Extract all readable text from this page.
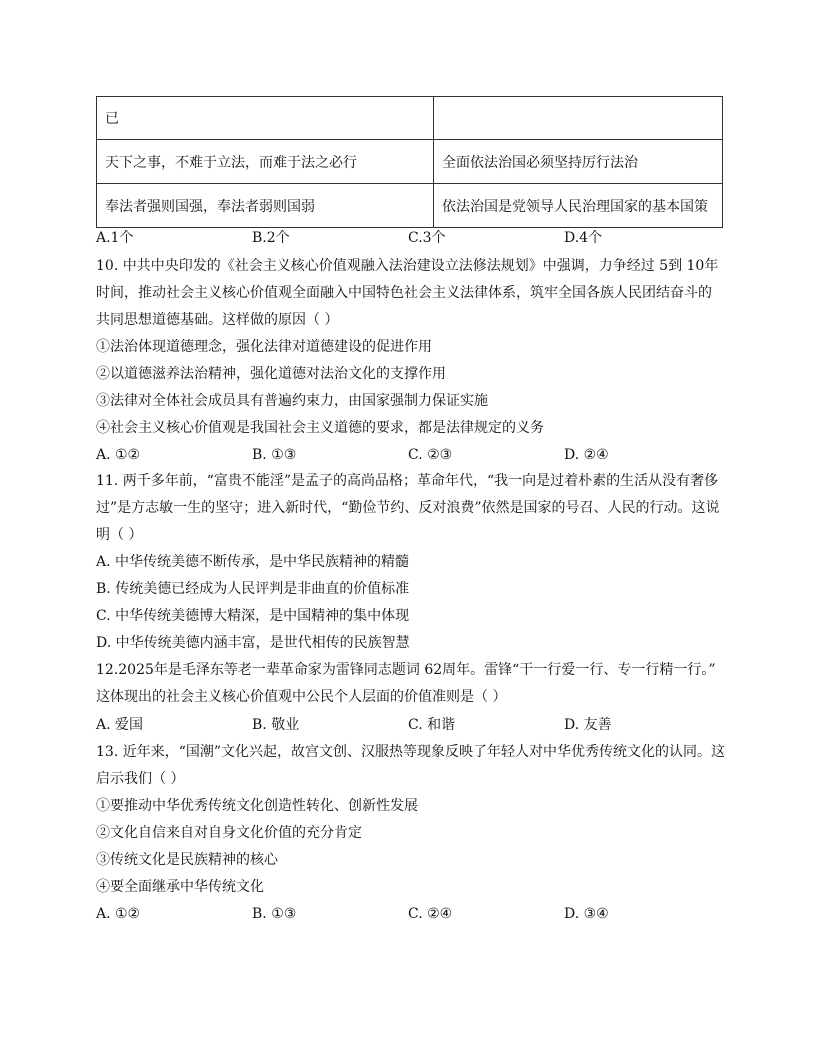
已	
天下之事，不难于立法，而难于法之必行	全面依法治国必须坚持厉行法治
奉法者强则国强，奉法者弱则国弱	依法治国是党领导人民治理国家的基本国策
A.1个	B.2个	C.3个	D.4个
10. 中共中央印发的《社会主义核心价值观融入法治建设立法修法规划》中强调，力争经过 5到 10年
时间，推动社会主义核心价值观全面融入中国特色社会主义法律体系，筑牢全国各族人民团结奋斗的
共同思想道德基础。这样做的原因（ ）
①法治体现道德理念，强化法律对道德建设的促进作用
②以道德滋养法治精神，强化道德对法治文化的支撑作用
③法律对全体社会成员具有普遍约束力，由国家强制力保证实施
④社会主义核心价值观是我国社会主义道德的要求，都是法律规定的义务
A. ①②	B. ①③	C. ②③	D. ②④
11. 两千多年前，“富贵不能淫”是孟子的高尚品格；革命年代，“我一向是过着朴素的生活从没有奢侈
过”是方志敏一生的坚守；进入新时代，“勤俭节约、反对浪费”依然是国家的号召、人民的行动。这说
明（ ）
A. 中华传统美德不断传承，是中华民族精神的精髓
B. 传统美德已经成为人民评判是非曲直的价值标准
C. 中华传统美德博大精深，是中国精神的集中体现
D. 中华传统美德内涵丰富，是世代相传的民族智慧
12.2025年是毛泽东等老一辈革命家为雷锋同志题词 62周年。雷锋“干一行爱一行、专一行精一行。”
这体现出的社会主义核心价值观中公民个人层面的价值准则是（ ）
A. 爱国	B. 敬业	C. 和谐	D. 友善
13. 近年来，“国潮”文化兴起，故宫文创、汉服热等现象反映了年轻人对中华优秀传统文化的认同。这
启示我们（ ）
①要推动中华优秀传统文化创造性转化、创新性发展
②文化自信来自对自身文化价值的充分肯定
③传统文化是民族精神的核心
④要全面继承中华传统文化
A. ①②	B. ①③	C. ②④	D. ③④
